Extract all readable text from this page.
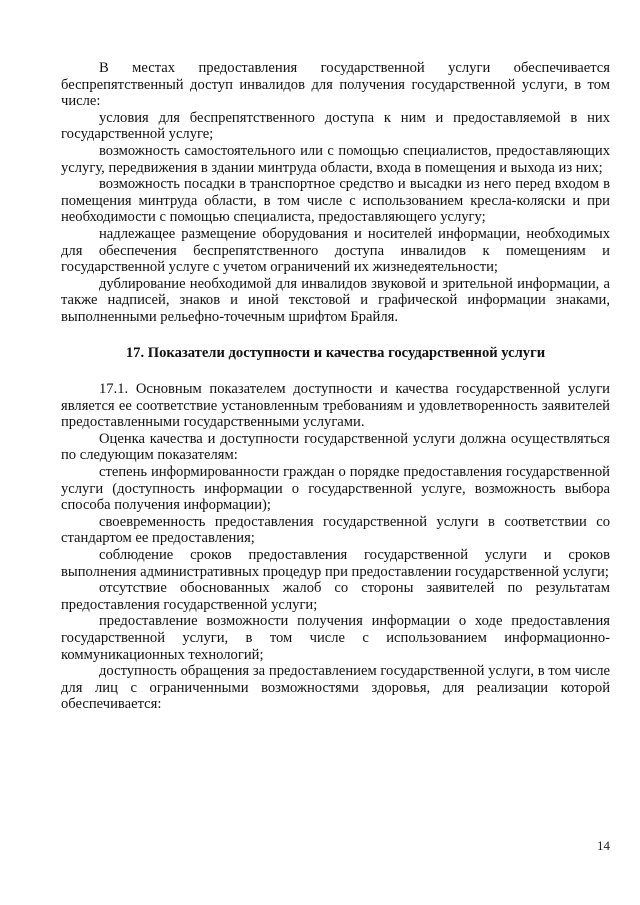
В местах предоставления государственной услуги обеспечивается беспрепятственный доступ инвалидов для получения государственной услуги, в том числе:

условия для беспрепятственного доступа к ним и предоставляемой в них государственной услуге;

возможность самостоятельного или с помощью специалистов, предоставляющих услугу, передвижения в здании минтруда области, входа в помещения и выхода из них;

возможность посадки в транспортное средство и высадки из него перед входом в помещения минтруда области, в том числе с использованием кресла-коляски и при необходимости с помощью специалиста, предоставляющего услугу;

надлежащее размещение оборудования и носителей информации, необходимых для обеспечения беспрепятственного доступа инвалидов к помещениям и государственной услуге с учетом ограничений их жизнедеятельности;

дублирование необходимой для инвалидов звуковой и зрительной информации, а также надписей, знаков и иной текстовой и графической информации знаками, выполненными рельефно-точечным шрифтом Брайля.

17. Показатели доступности и качества государственной услуги

17.1. Основным показателем доступности и качества государственной услуги является ее соответствие установленным требованиям и удовлетворенность заявителей предоставленными государственными услугами.

Оценка качества и доступности государственной услуги должна осуществляться по следующим показателям:

степень информированности граждан о порядке предоставления государственной услуги (доступность информации о государственной услуге, возможность выбора способа получения информации);

своевременность предоставления государственной услуги в соответствии со стандартом ее предоставления;

соблюдение сроков предоставления государственной услуги и сроков выполнения административных процедур при предоставлении государственной услуги;

отсутствие обоснованных жалоб со стороны заявителей по результатам предоставления государственной услуги;

предоставление возможности получения информации о ходе предоставления государственной услуги, в том числе с использованием информационно-коммуникационных технологий;

доступность обращения за предоставлением государственной услуги, в том числе для лиц с ограниченными возможностями здоровья, для реализации которой обеспечивается:

14
